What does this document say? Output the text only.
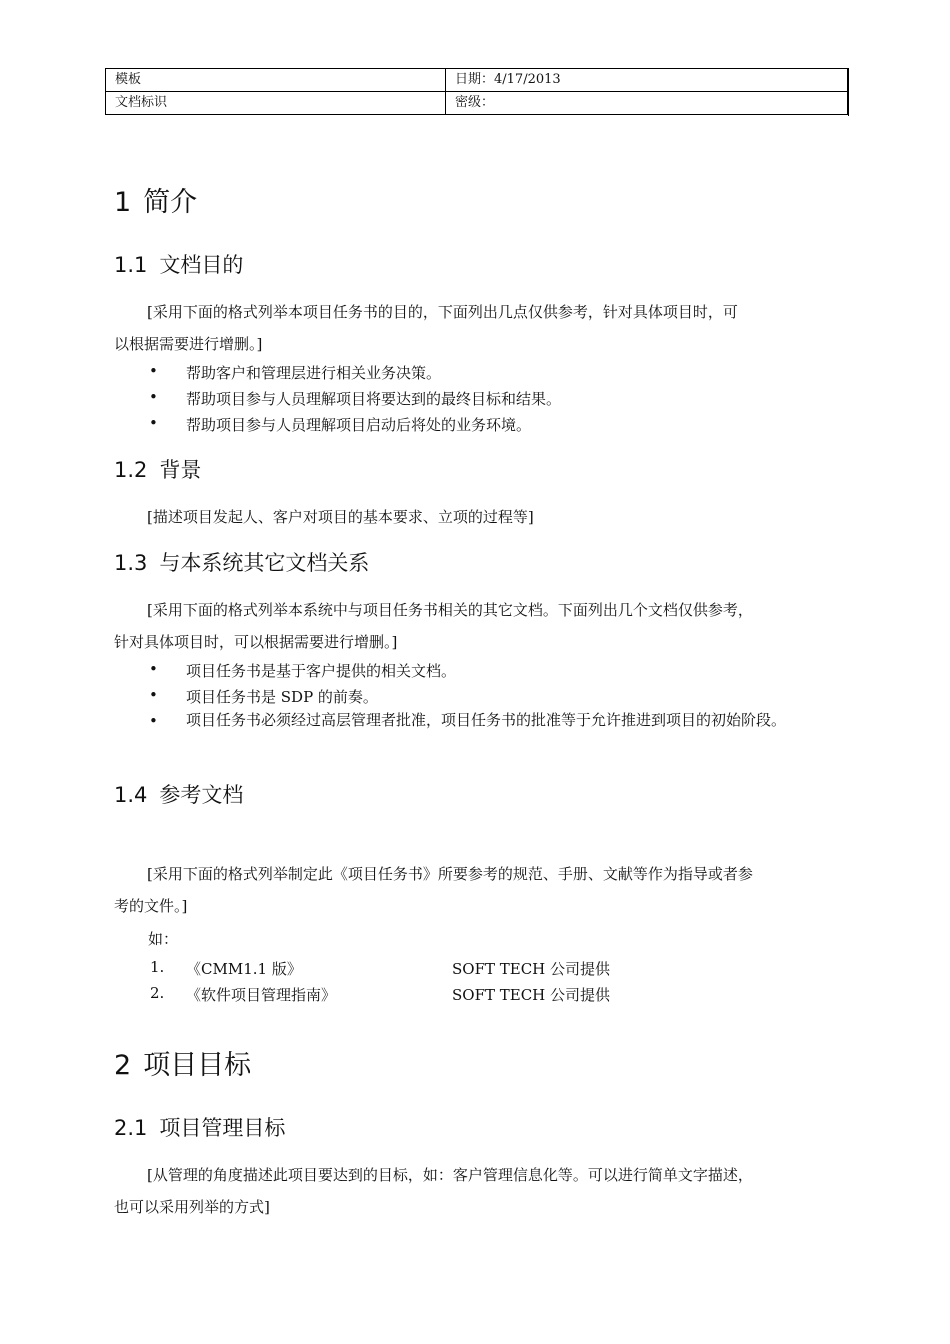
模板	日期：4/17/2013
文档标识	密级：
1 简介
1.1 文档目的
[采用下面的格式列举本项目任务书的目的，下面列出几点仅供参考，针对具体项目时，可
以根据需要进行增删。]
• 帮助客户和管理层进行相关业务决策。
• 帮助项目参与人员理解项目将要达到的最终目标和结果。
• 帮助项目参与人员理解项目启动后将处的业务环境。
1.2 背景
[描述项目发起人、客户对项目的基本要求、立项的过程等]
1.3 与本系统其它文档关系
[采用下面的格式列举本系统中与项目任务书相关的其它文档。下面列出几个文档仅供参考，
针对具体项目时，可以根据需要进行增删。]
• 项目任务书是基于客户提供的相关文档。
• 项目任务书是 SDP 的前奏。
• 项目任务书必须经过高层管理者批准，项目任务书的批准等于允许推进到项目的初始阶段。
1.4 参考文档
[采用下面的格式列举制定此《项目任务书》所要参考的规范、手册、文献等作为指导或者参
考的文件。]
如：
1. 《CMM1.1 版》	SOFT TECH 公司提供
2. 《软件项目管理指南》	SOFT TECH 公司提供
2 项目目标
2.1 项目管理目标
[从管理的角度描述此项目要达到的目标，如：客户管理信息化等。可以进行简单文字描述，
也可以采用列举的方式]
